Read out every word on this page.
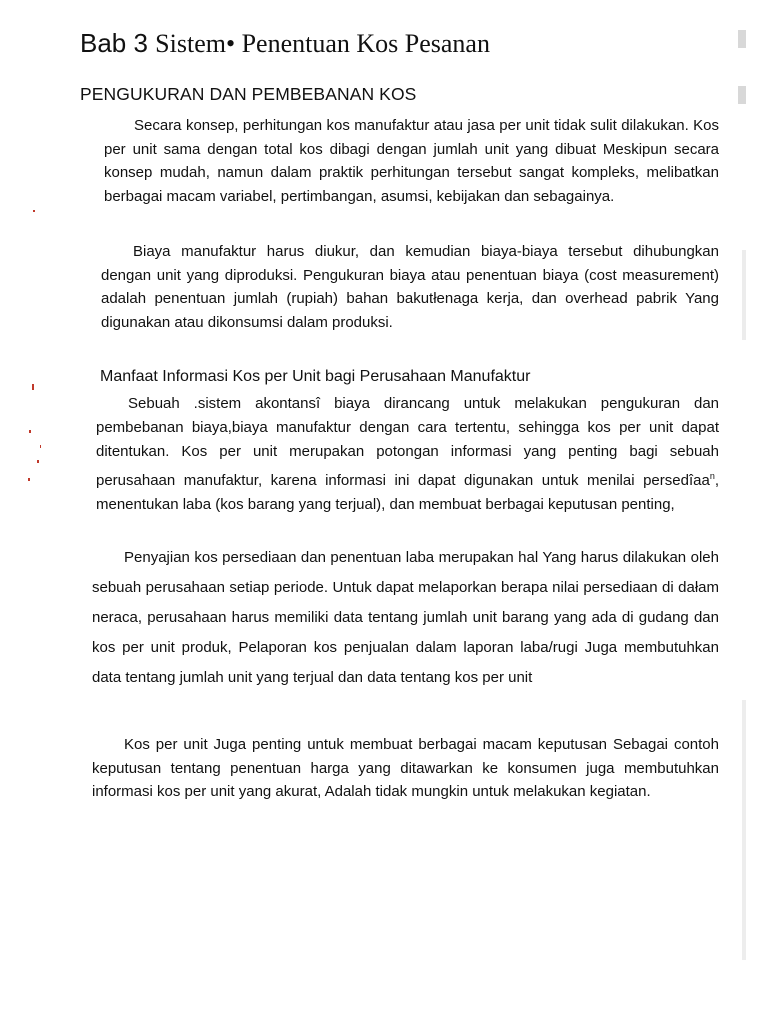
Bab 3 Sistem• Penentuan Kos Pesanan
PENGUKURAN DAN PEMBEBANAN KOS

Secara konsep, perhitungan kos manufaktur atau jasa per unit tidak sulit dilakukan. Kos per unit sama dengan total kos dibagi dengan jumlah unit yang dibuat Meskipun secara konsep mudah, namun dalam praktik perhitungan tersebut sangat kompleks, melibatkan berbagai macam variabel, pertimbangan, asumsi, kebijakan dan sebagainya.

Biaya manufaktur harus diukur, dan kemudian biaya-biaya tersebut dihubungkan dengan unit yang diproduksi. Pengukuran biaya atau penentuan biaya (cost measurement) adalah penentuan jumlah (rupiah) bahan bakutłenaga kerja, dan overhead pabrik Yang digunakan atau dikonsumsi dalam produksi.

Manfaat Informasi Kos per Unit bagi Perusahaan Manufaktur

Sebuah .sistem akontansî biaya dirancang untuk melakukan pengukuran dan pembebanan biaya,biaya manufaktur dengan cara tertentu, sehingga kos per unit dapat ditentukan. Kos per unit merupakan potongan informasi yang penting bagi sebuah perusahaan manufaktur, karena informasi ini dapat digunakan untuk menilai persedîaa$^n$, menentukan laba (kos barang yang terjual), dan membuat berbagai keputusan penting,

Penyajian kos persediaan dan penentuan laba merupakan hal Yang harus dilakukan oleh sebuah perusahaan setiap periode. Untuk dapat melaporkan berapa nilai persediaan di dałam neraca, perusahaan harus memiliki data tentang jumlah unit barang yang ada di gudang dan kos per unit produk, Pelaporan kos penjualan dalam laporan laba/rugi Juga membutuhkan data tentang jumlah unit yang terjual dan data tentang kos per unit

Kos per unit Juga penting untuk membuat berbagai macam keputusan Sebagai contoh keputusan tentang penentuan harga yang ditawarkan ke konsumen juga membutuhkan informasi kos per unit yang akurat, Adalah tidak mungkin untuk melakukan kegiatan.
